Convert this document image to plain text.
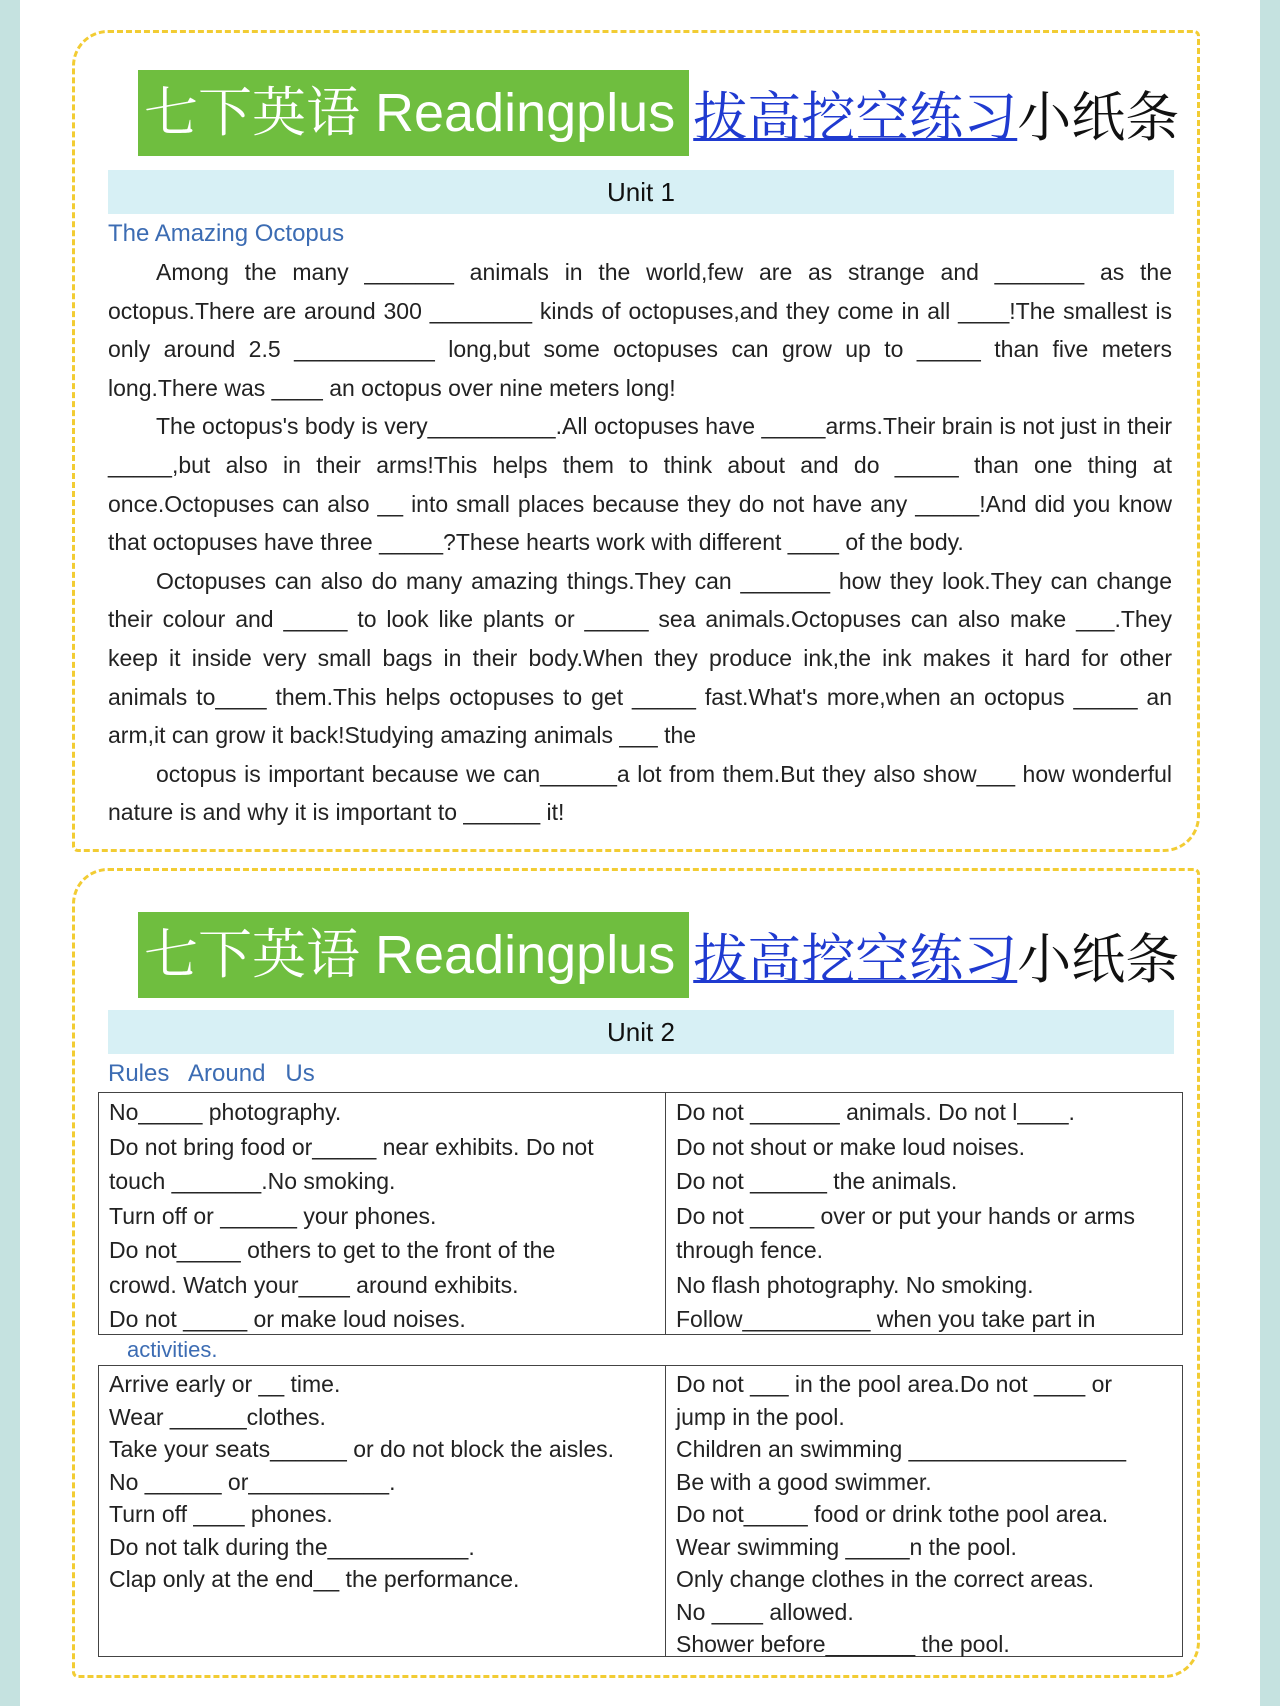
七下英语 Readingplus 拔高挖空练习 小纸条
Unit 1
The Amazing Octopus
Among the many _______ animals in the world,few are as strange and _______ as the octopus.There are around 300 ________ kinds of octopuses,and they come in all ____!The smallest is only around 2.5 ___________ long,but some octopuses can grow up to _____ than five meters long.There was ____ an octopus over nine meters long!
The octopus's body is very__________.All octopuses have _____arms.Their brain is not just in their _____,but also in their arms!This helps them to think about and do _____ than one thing at once.Octopuses can also __ into small places because they do not have any _____!And did you know that octopuses have three _____?These hearts work with different ____ of the body.
Octopuses can also do many amazing things.They can _______ how they look.They can change their colour and _____ to look like plants or _____ sea animals.Octopuses can also make ___.They keep it inside very small bags in their body.When they produce ink,the ink makes it hard for other animals to____ them.This helps octopuses to get _____ fast.What's more,when an octopus _____ an arm,it can grow it back!Studying amazing animals ___ the
octopus is important because we can______a lot from them.But they also show___ how wonderful nature is and why it is important to ______ it!
七下英语 Readingplus 拔高挖空练习 小纸条
Unit 2
Rules   Around   Us
No_____ photography.
Do not bring food or_____ near exhibits. Do not
touch _______.No smoking.
Turn off or ______ your phones.
Do not_____ others to get to the front of the
crowd. Watch your____ around exhibits.
Do not _____ or make loud noises.
Do not _______ animals. Do not l____.
Do not shout or make loud noises.
Do not ______ the animals.
Do not _____ over or put your hands or arms
through fence.
No flash photography. No smoking.
Follow__________ when you take part in
activities.
Arrive early or __ time.
Wear ______clothes.
Take your seats______ or do not block the aisles.
No ______ or___________.
Turn off ____ phones.
Do not talk during the___________.
Clap only at the end__ the performance.
Do not ___ in the pool area.Do not ____ or
jump in the pool.
Children an swimming _________________
Be with a good swimmer.
Do not_____ food or drink tothe pool area.
Wear swimming _____n the pool.
Only change clothes in the correct areas.
No ____ allowed.
Shower before_______ the pool.
